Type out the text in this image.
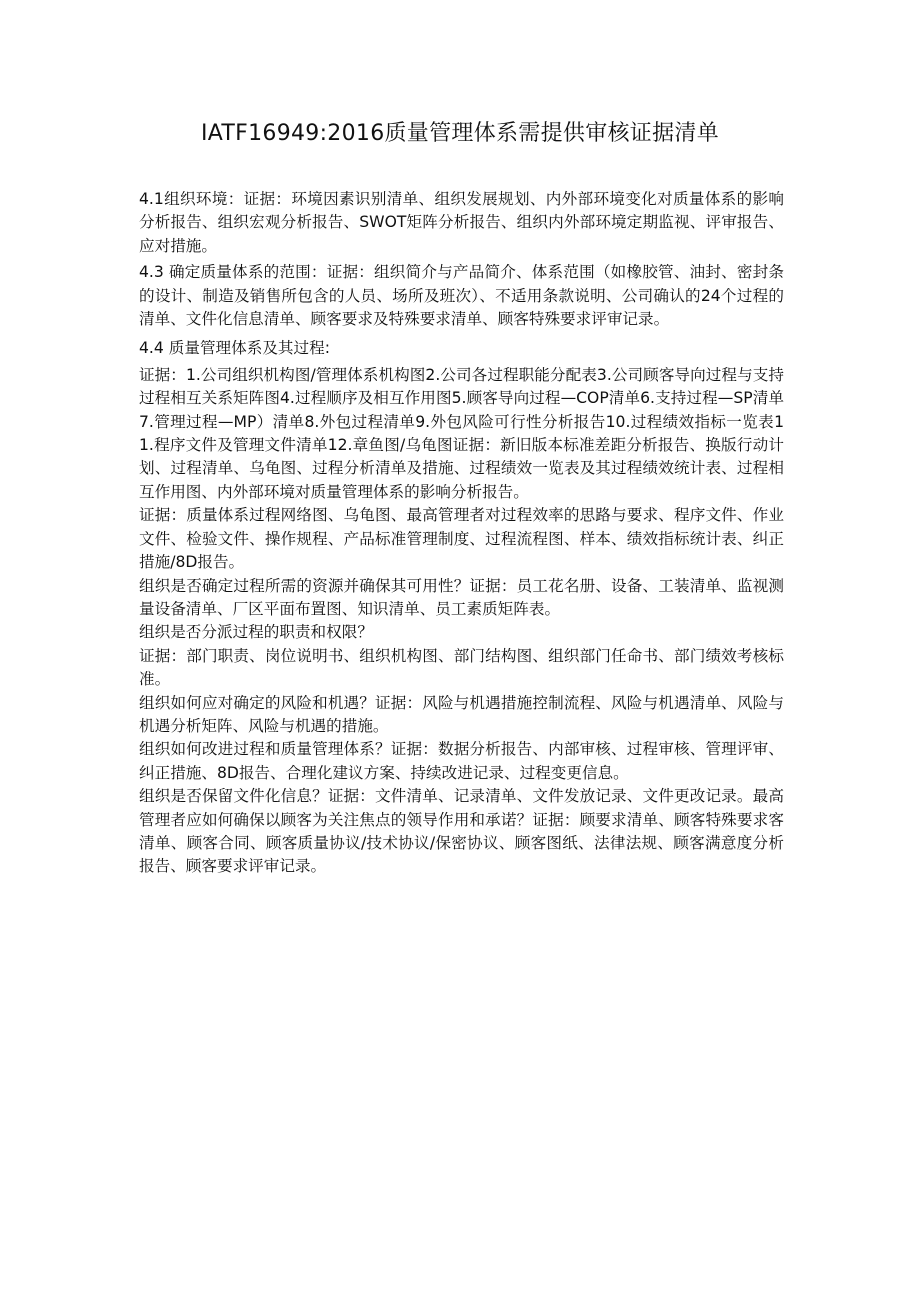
IATF16949:2016质量管理体系需提供审核证据清单

4.1组织环境：证据：环境因素识别清单、组织发展规划、内外部环境变化对质量体系的影响分析报告、组织宏观分析报告、SWOT矩阵分析报告、组织内外部环境定期监视、评审报告、应对措施。

4.3 确定质量体系的范围：证据：组织简介与产品简介、体系范围（如橡胶管、油封、密封条的设计、制造及销售所包含的人员、场所及班次）、不适用条款说明、公司确认的24个过程的清单、文件化信息清单、顾客要求及特殊要求清单、顾客特殊要求评审记录。

4.4 质量管理体系及其过程:

证据：1.公司组织机构图/管理体系机构图2.公司各过程职能分配表3.公司顾客导向过程与支持过程相互关系矩阵图4.过程顺序及相互作用图5.顾客导向过程—COP清单6.支持过程—SP清单7.管理过程—MP）清单8.外包过程清单9.外包风险可行性分析报告10.过程绩效指标一览表11.程序文件及管理文件清单12.章鱼图/乌龟图证据：新旧版本标准差距分析报告、换版行动计划、过程清单、乌龟图、过程分析清单及措施、过程绩效一览表及其过程绩效统计表、过程相互作用图、内外部环境对质量管理体系的影响分析报告。

证据：质量体系过程网络图、乌龟图、最高管理者对过程效率的思路与要求、程序文件、作业文件、检验文件、操作规程、产品标准管理制度、过程流程图、样本、绩效指标统计表、纠正措施/8D报告。

组织是否确定过程所需的资源并确保其可用性？证据：员工花名册、设备、工装清单、监视测量设备清单、厂区平面布置图、知识清单、员工素质矩阵表。

组织是否分派过程的职责和权限？

证据：部门职责、岗位说明书、组织机构图、部门结构图、组织部门任命书、部门绩效考核标准。

组织如何应对确定的风险和机遇？证据：风险与机遇措施控制流程、风险与机遇清单、风险与机遇分析矩阵、风险与机遇的措施。

组织如何改进过程和质量管理体系？证据：数据分析报告、内部审核、过程审核、管理评审、纠正措施、8D报告、合理化建议方案、持续改进记录、过程变更信息。

组织是否保留文件化信息？证据：文件清单、记录清单、文件发放记录、文件更改记录。最高管理者应如何确保以顾客为关注焦点的领导作用和承诺？证据：顾要求清单、顾客特殊要求客清单、顾客合同、顾客质量协议/技术协议/保密协议、顾客图纸、法律法规、顾客满意度分析报告、顾客要求评审记录。
